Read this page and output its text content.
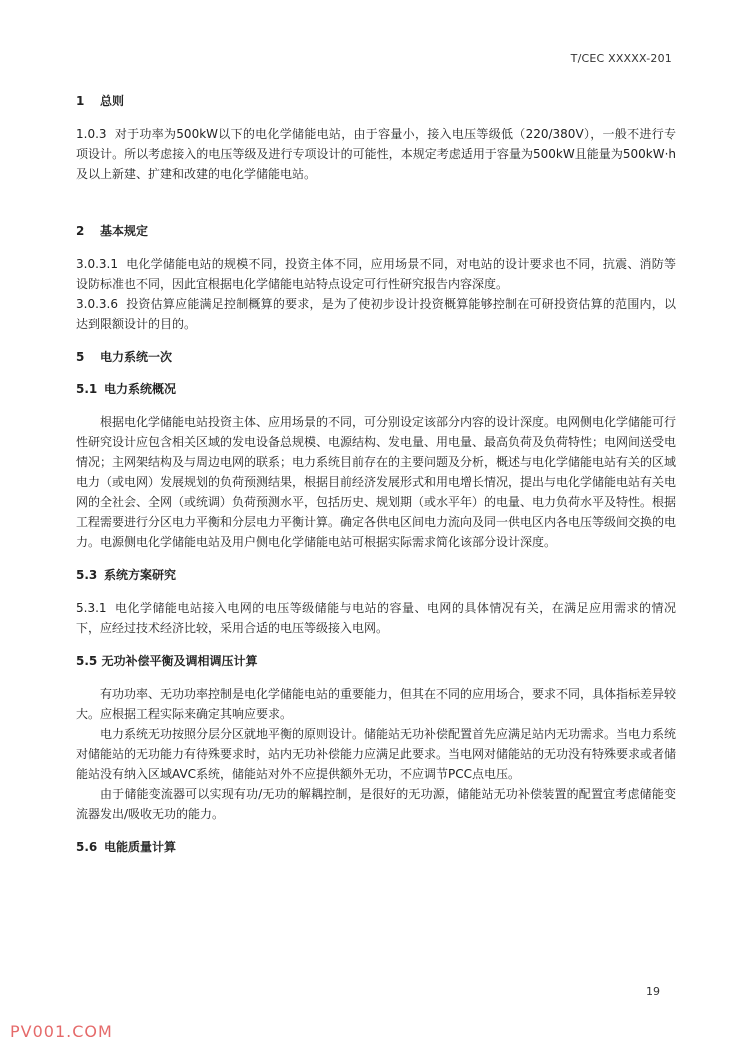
T/CEC XXXXX-201
1 总则
1.0.3 对于功率为500kW以下的电化学储能电站，由于容量小，接入电压等级低（220/380V），一般不进行专项设计。所以考虑接入的电压等级及进行专项设计的可能性，本规定考虑适用于容量为500kW且能量为500kW·h及以上新建、扩建和改建的电化学储能电站。
2 基本规定
3.0.3.1 电化学储能电站的规模不同，投资主体不同，应用场景不同，对电站的设计要求也不同，抗震、消防等设防标准也不同，因此宜根据电化学储能电站特点设定可行性研究报告内容深度。
3.0.3.6 投资估算应能满足控制概算的要求，是为了使初步设计投资概算能够控制在可研投资估算的范围内，以达到限额设计的目的。
5 电力系统一次
5.1 电力系统概况
根据电化学储能电站投资主体、应用场景的不同，可分别设定该部分内容的设计深度。电网侧电化学储能可行性研究设计应包含相关区域的发电设备总规模、电源结构、发电量、用电量、最高负荷及负荷特性；电网间送受电情况；主网架结构及与周边电网的联系；电力系统目前存在的主要问题及分析，概述与电化学储能电站有关的区域电力（或电网）发展规划的负荷预测结果，根据目前经济发展形式和用电增长情况，提出与电化学储能电站有关电网的全社会、全网（或统调）负荷预测水平，包括历史、规划期（或水平年）的电量、电力负荷水平及特性。根据工程需要进行分区电力平衡和分层电力平衡计算。确定各供电区间电力流向及同一供电区内各电压等级间交换的电力。电源侧电化学储能电站及用户侧电化学储能电站可根据实际需求简化该部分设计深度。
5.3 系统方案研究
5.3.1 电化学储能电站接入电网的电压等级储能与电站的容量、电网的具体情况有关，在满足应用需求的情况下，应经过技术经济比较，采用合适的电压等级接入电网。
5.5 无功补偿平衡及调相调压计算
有功功率、无功功率控制是电化学储能电站的重要能力，但其在不同的应用场合，要求不同，具体指标差异较大。应根据工程实际来确定其响应要求。
电力系统无功按照分层分区就地平衡的原则设计。储能站无功补偿配置首先应满足站内无功需求。当电力系统对储能站的无功能力有待殊要求时，站内无功补偿能力应满足此要求。当电网对储能站的无功没有特殊要求或者储能站没有纳入区域AVC系统，储能站对外不应提供额外无功，不应调节PCC点电压。
由于储能变流器可以实现有功/无功的解耦控制，是很好的无功源，储能站无功补偿装置的配置宜考虑储能变流器发出/吸收无功的能力。
5.6 电能质量计算
19
PV001.COM
